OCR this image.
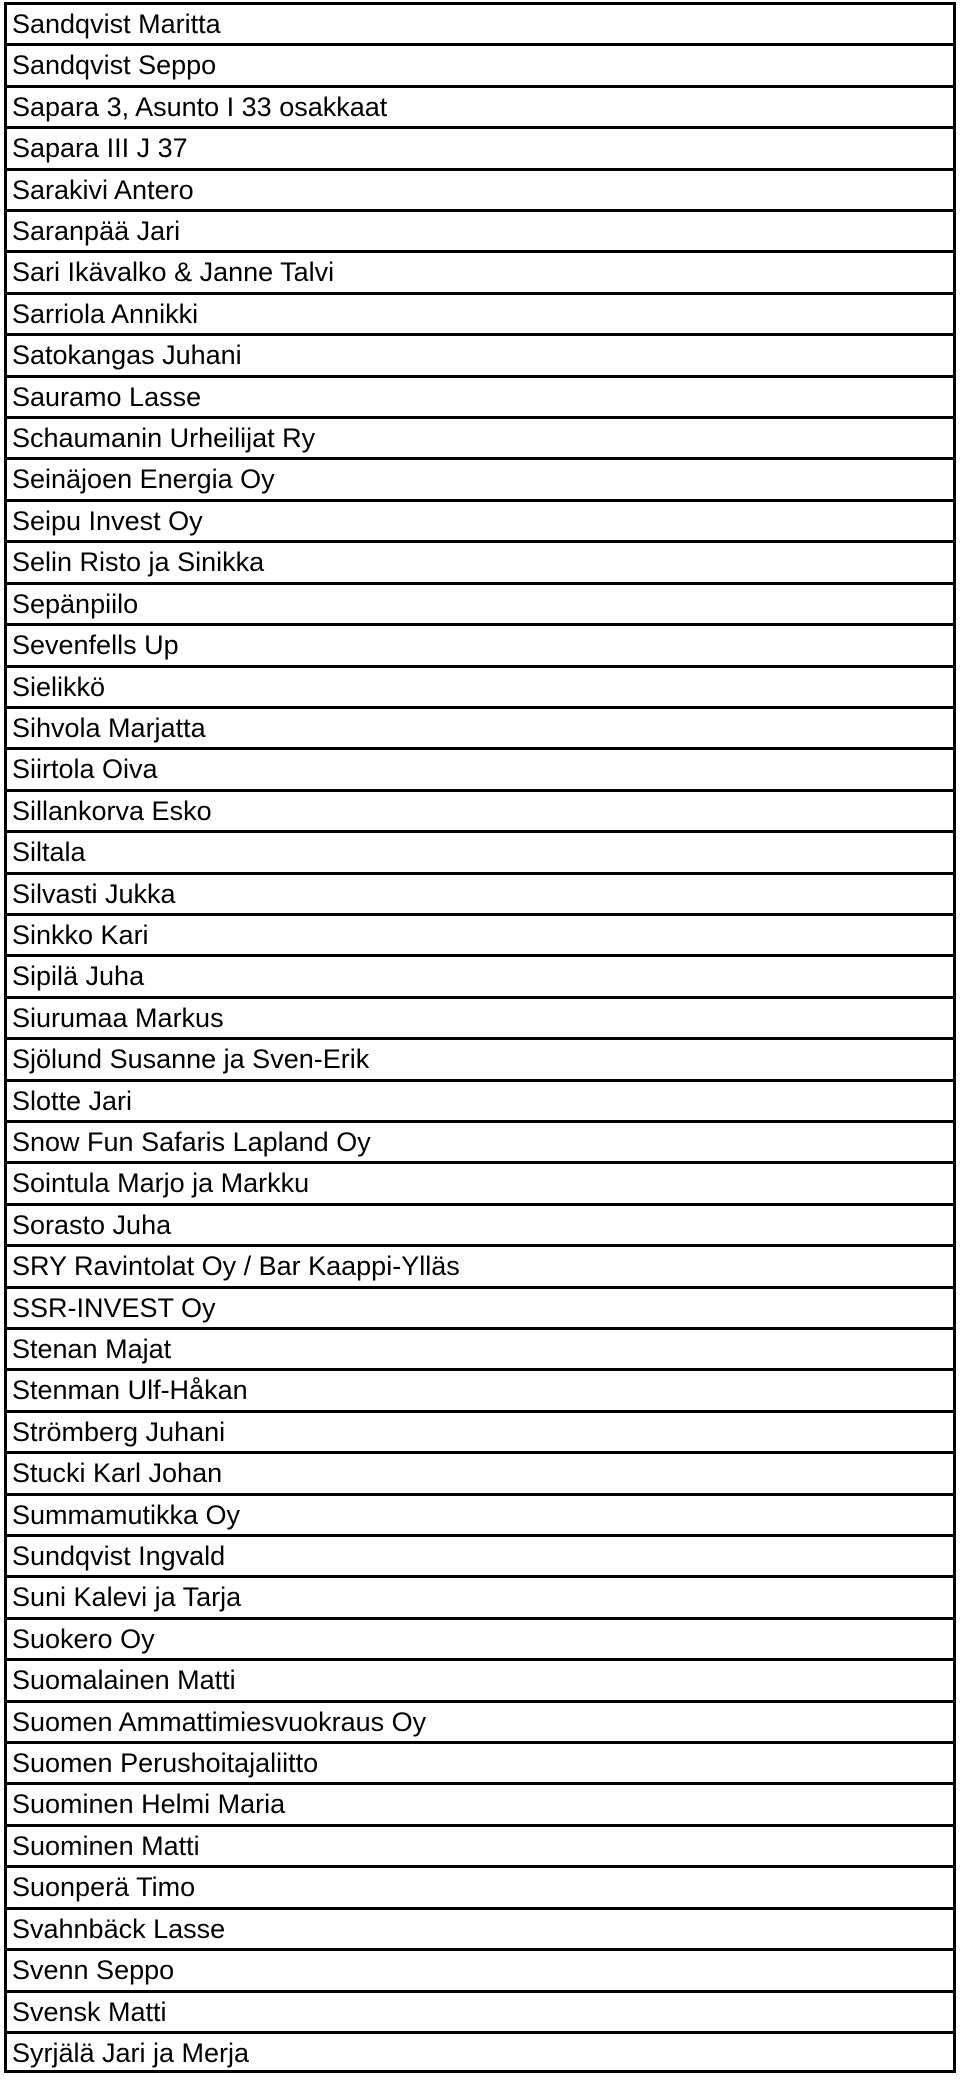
Sandqvist Maritta
Sandqvist Seppo
Sapara 3, Asunto I 33 osakkaat
Sapara III J 37
Sarakivi Antero
Saranpää Jari
Sari Ikävalko & Janne Talvi
Sarriola Annikki
Satokangas Juhani
Sauramo Lasse
Schaumanin Urheilijat Ry
Seinäjoen Energia Oy
Seipu Invest Oy
Selin Risto ja Sinikka
Sepänpiilo
Sevenfells Up
Sielikkö
Sihvola Marjatta
Siirtola Oiva
Sillankorva Esko
Siltala
Silvasti Jukka
Sinkko Kari
Sipilä Juha
Siurumaa Markus
Sjölund Susanne ja Sven-Erik
Slotte Jari
Snow Fun Safaris Lapland Oy
Sointula Marjo ja Markku
Sorasto Juha
SRY Ravintolat Oy / Bar Kaappi-Ylläs
SSR-INVEST Oy
Stenan Majat
Stenman Ulf-Håkan
Strömberg Juhani
Stucki Karl Johan
Summamutikka Oy
Sundqvist Ingvald
Suni Kalevi ja Tarja
Suokero Oy
Suomalainen Matti
Suomen Ammattimiesvuokraus Oy
Suomen Perushoitajaliitto
Suominen Helmi Maria
Suominen Matti
Suonperä Timo
Svahnbäck Lasse
Svenn Seppo
Svensk Matti
Syrjälä Jari ja Merja
